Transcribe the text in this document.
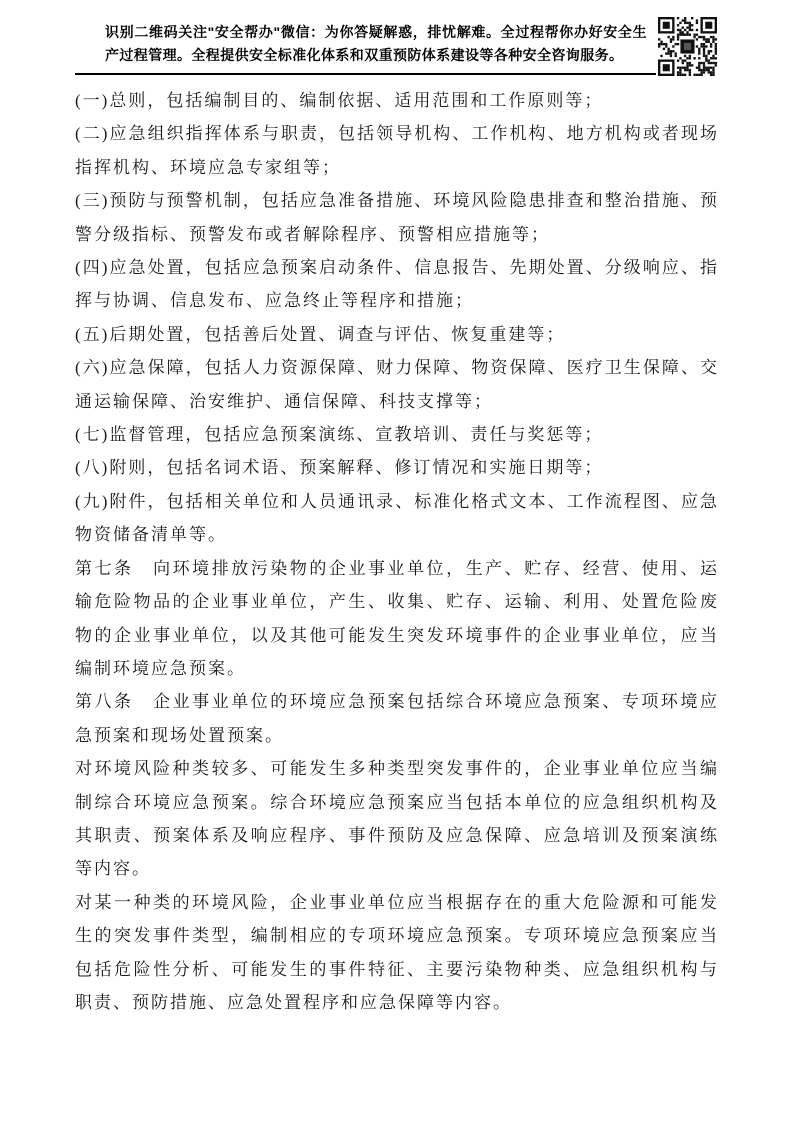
识别二维码关注"安全帮办"微信：为你答疑解惑，排忧解难。全过程帮你办好安全生产过程管理。全程提供安全标准化体系和双重预防体系建设等各种安全咨询服务。

(一)总则，包括编制目的、编制依据、适用范围和工作原则等；

(二)应急组织指挥体系与职责，包括领导机构、工作机构、地方机构或者现场指挥机构、环境应急专家组等；

(三)预防与预警机制，包括应急准备措施、环境风险隐患排查和整治措施、预警分级指标、预警发布或者解除程序、预警相应措施等；

(四)应急处置，包括应急预案启动条件、信息报告、先期处置、分级响应、指挥与协调、信息发布、应急终止等程序和措施；

(五)后期处置，包括善后处置、调查与评估、恢复重建等；

(六)应急保障，包括人力资源保障、财力保障、物资保障、医疗卫生保障、交通运输保障、治安维护、通信保障、科技支撑等；

(七)监督管理，包括应急预案演练、宣教培训、责任与奖惩等；

(八)附则，包括名词术语、预案解释、修订情况和实施日期等；

(九)附件，包括相关单位和人员通讯录、标准化格式文本、工作流程图、应急物资储备清单等。

第七条　向环境排放污染物的企业事业单位，生产、贮存、经营、使用、运输危险物品的企业事业单位，产生、收集、贮存、运输、利用、处置危险废物的企业事业单位，以及其他可能发生突发环境事件的企业事业单位，应当编制环境应急预案。

第八条　企业事业单位的环境应急预案包括综合环境应急预案、专项环境应急预案和现场处置预案。

对环境风险种类较多、可能发生多种类型突发事件的，企业事业单位应当编制综合环境应急预案。综合环境应急预案应当包括本单位的应急组织机构及其职责、预案体系及响应程序、事件预防及应急保障、应急培训及预案演练等内容。

对某一种类的环境风险，企业事业单位应当根据存在的重大危险源和可能发生的突发事件类型，编制相应的专项环境应急预案。专项环境应急预案应当包括危险性分析、可能发生的事件特征、主要污染物种类、应急组织机构与职责、预防措施、应急处置程序和应急保障等内容。
